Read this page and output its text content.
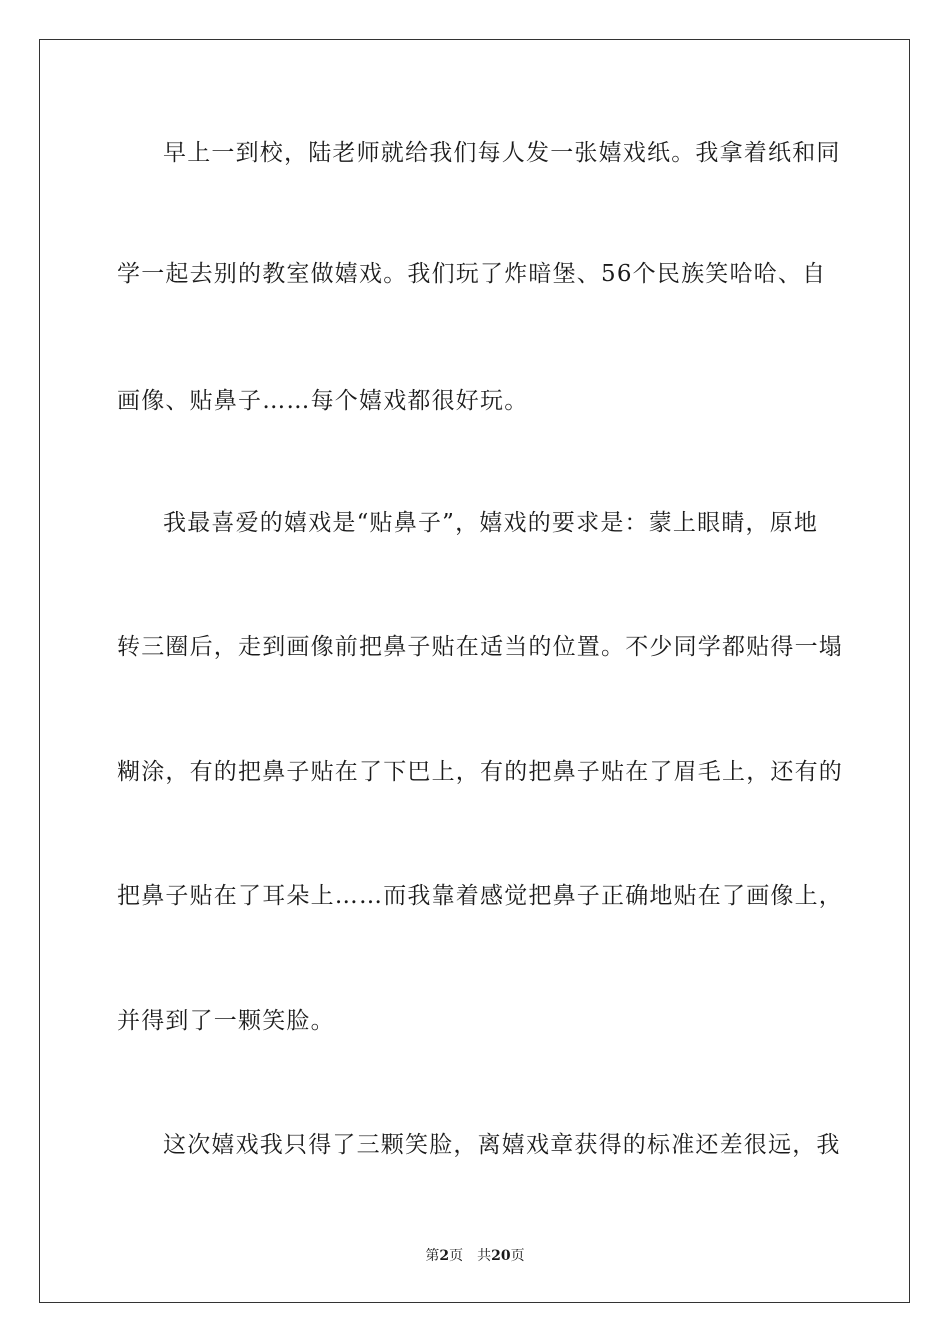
早上一到校，陆老师就给我们每人发一张嬉戏纸。我拿着纸和同
学一起去别的教室做嬉戏。我们玩了炸暗堡、56个民族笑哈哈、自
画像、贴鼻子……每个嬉戏都很好玩。
我最喜爱的嬉戏是“贴鼻子”，嬉戏的要求是：蒙上眼睛，原地
转三圈后，走到画像前把鼻子贴在适当的位置。不少同学都贴得一塌
糊涂，有的把鼻子贴在了下巴上，有的把鼻子贴在了眉毛上，还有的
把鼻子贴在了耳朵上……而我靠着感觉把鼻子正确地贴在了画像上，
并得到了一颗笑脸。
这次嬉戏我只得了三颗笑脸，离嬉戏章获得的标准还差很远，我
第2页 共20页
